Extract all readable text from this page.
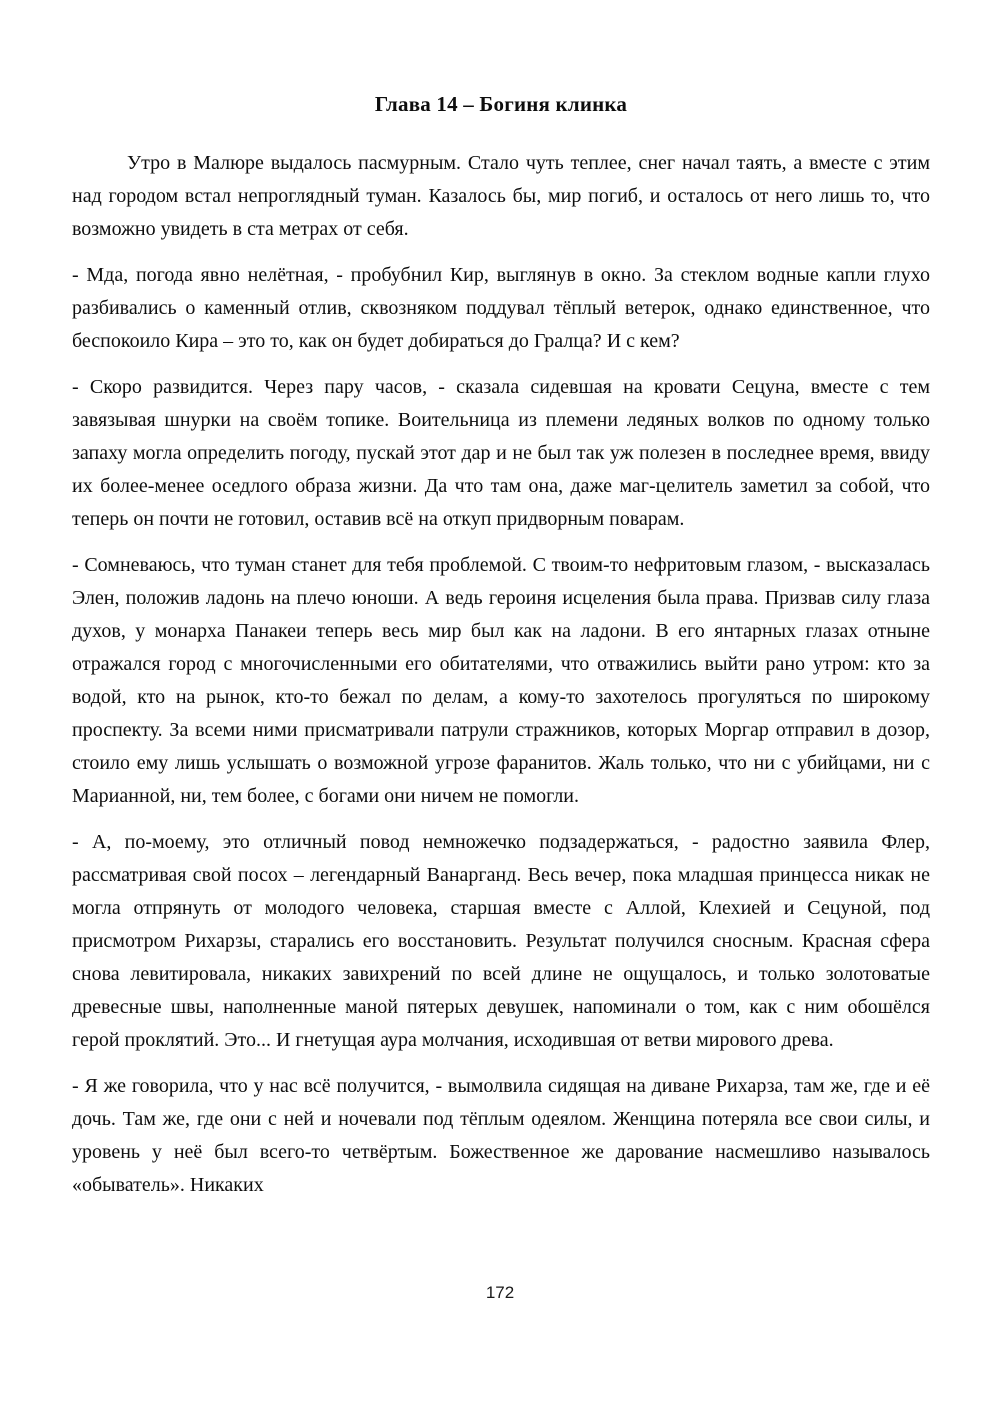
Глава 14 – Богиня клинка

Утро в Малюре выдалось пасмурным. Стало чуть теплее, снег начал таять, а вместе с этим над городом встал непроглядный туман. Казалось бы, мир погиб, и осталось от него лишь то, что возможно увидеть в ста метрах от себя.

- Мда, погода явно нелётная, - пробубнил Кир, выглянув в окно. За стеклом водные капли глухо разбивались о каменный отлив, сквозняком поддувал тёплый ветерок, однако единственное, что беспокоило Кира – это то, как он будет добираться до Гралца? И с кем?

- Скоро развидится. Через пару часов, - сказала сидевшая на кровати Сецуна, вместе с тем завязывая шнурки на своём топике. Воительница из племени ледяных волков по одному только запаху могла определить погоду, пускай этот дар и не был так уж полезен в последнее время, ввиду их более-менее оседлого образа жизни. Да что там она, даже маг-целитель заметил за собой, что теперь он почти не готовил, оставив всё на откуп придворным поварам.

- Сомневаюсь, что туман станет для тебя проблемой. С твоим-то нефритовым глазом, - высказалась Элен, положив ладонь на плечо юноши. А ведь героиня исцеления была права. Призвав силу глаза духов, у монарха Панакеи теперь весь мир был как на ладони. В его янтарных глазах отныне отражался город с многочисленными его обитателями, что отважились выйти рано утром: кто за водой, кто на рынок, кто-то бежал по делам, а кому-то захотелось прогуляться по широкому проспекту. За всеми ними присматривали патрули стражников, которых Моргар отправил в дозор, стоило ему лишь услышать о возможной угрозе фаранитов. Жаль только, что ни с убийцами, ни с Марианной, ни, тем более, с богами они ничем не помогли.

- А, по-моему, это отличный повод немножечко подзадержаться, - радостно заявила Флер, рассматривая свой посох – легендарный Ванарганд. Весь вечер, пока младшая принцесса никак не могла отпрянуть от молодого человека, старшая вместе с Аллой, Клехией и Сецуной, под присмотром Рихарзы, старались его восстановить. Результат получился сносным. Красная сфера снова левитировала, никаких завихрений по всей длине не ощущалось, и только золотоватые древесные швы, наполненные маной пятерых девушек, напоминали о том, как с ним обошёлся герой проклятий. Это... И гнетущая аура молчания, исходившая от ветви мирового древа.

- Я же говорила, что у нас всё получится, - вымолвила сидящая на диване Рихарза, там же, где и её дочь. Там же, где они с ней и ночевали под тёплым одеялом. Женщина потеряла все свои силы, и уровень у неё был всего-то четвёртым. Божественное же дарование насмешливо называлось «обыватель». Никаких

172
